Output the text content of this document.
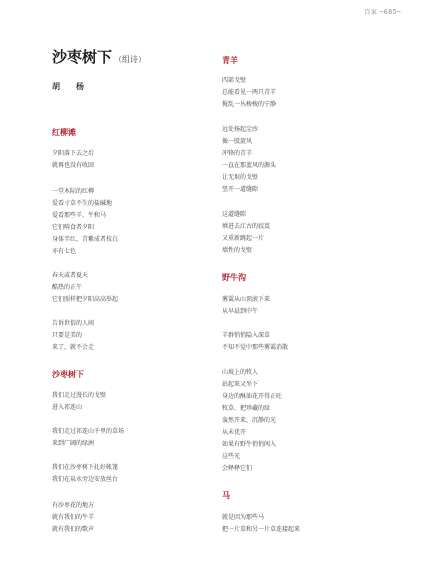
百家 ─685─
沙枣树下 （组诗）
胡 杨
红柳滩
夕阳落下去之后
就再也没有收回
一堂木际的红柳
爱看寸草不生的盐碱地
爱看那些羊、牛和马
它们啃食者夕阳
身体半红，青紫成者枝白
亦有七色
春天或者夏天
酷热的正午
它们照样把夕阳高高举起
告诉世俗的人间
只要是美的
来了，就不会走
沙枣树下
我们走过漫长的戈壁
进入祁连山
我们走过祁连山千里的草场
来到广阔的绿洲
我们在沙枣树下扎好帐篷
我们在泉水旁边安放丝台
有沙枣花的地方
就有我们的牛羊
就有我们的歌声
青羊
四部戈壁
总能看见一两只青羊
搅乱一丛梭梭的宁静
远处扬起尘沙
像一股旋风
冲锋的青羊
一直在那蓝风的源头
让无垠的戈壁
竖开一道缝隙
这道缝隙
填进去江古的寂寞
又重新跳起一片
墙性的戈壁
野牛沟
雾霭从山顶滚下来
从早晨到中午
羊群悄悄隐入深草
不知不觉中那些雾霭消散
山坡上的牧人
站起来又坐下
身边的酥油花开得正旺
牧草、把珍藏的绿
轰然开来，沉静的光
从未优开
如果有野牛悄悄闯入
这些光
会释释它们
马
就是因为那些马
把一片草和另一片草连接起来
